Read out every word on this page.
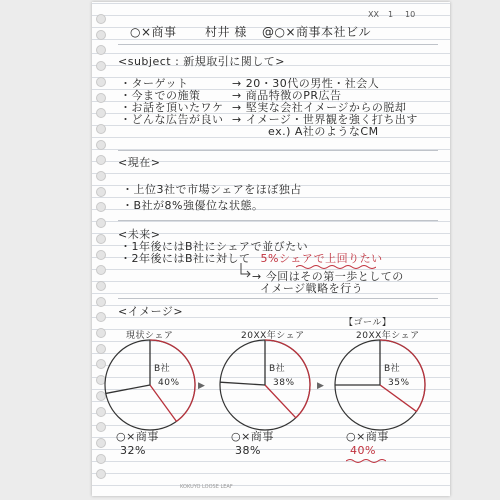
○×商事 村井 様 @○×商事本社ビル
XX 1 10
<subject : 新規取引に関して>
・ターゲット	→ 20・30代の男性・社会人
・今までの施策	→ 商品特徴のPR広告
・お話を頂いたワケ → 堅実な会社イメージからの脱却
・どんな広告が良い → イメージ・世界観を強く打ち出す
ex.) A社のようなCM
<現在>
・上位3社で市場シェアをほぼ独占
・B社が8%強優位な状態。
<未来>
・1年後にはB社にシェアで並びたい
・2年後にはB社に対して 5%シェアで上回りたい
→ 今回はその第一歩としての
イメージ戦略を行う
<イメージ>
【ゴール】
現状シェア
B社
40%
○×商事
32%
20XX年シェア
B社
38%
○×商事
38%
20XX年シェア
B社
35%
○×商事
40%
▶	▶
KOKUYO LOOSE LEAF
